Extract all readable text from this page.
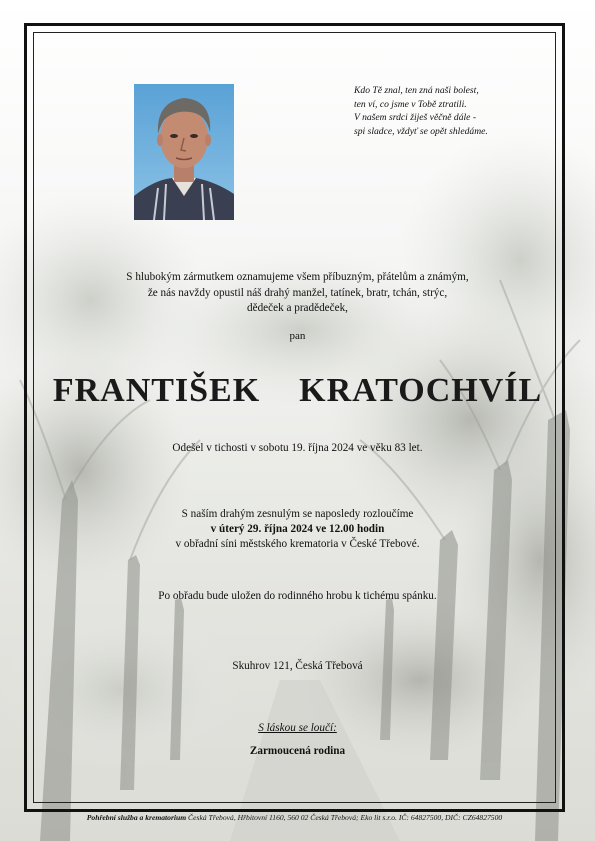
Kdo Tě znal, ten zná naši bolest,
ten ví, co jsme v Tobě ztratili.
V našem srdci žiješ věčně dále -
spi sladce, vždyť se opět shledáme.
S hlubokým zármutkem oznamujeme všem příbuzným, přátelům a známým,
že nás navždy opustil náš drahý manžel, tatínek, bratr, tchán, strýc,
dědeček a pradědeček,
pan
FRANTIŠEK  KRATOCHVÍL
Odešel v tichosti v sobotu 19. října 2024 ve věku 83 let.
S naším drahým zesnulým se naposledy rozloučíme
v úterý 29. října 2024 ve 12.00 hodin
v obřadní síni městského krematoria v České Třebové.
Po obřadu bude uložen do rodinného hrobu k tichému spánku.
Skuhrov 121, Česká Třebová
S láskou se loučí:
Zarmoucená rodina
Pohřební služba a krematorium Česká Třebová, Hřbitovní 1160, 560 02 Česká Třebová; Eko lit s.r.o. IČ: 64827500, DIČ: CZ64827500
